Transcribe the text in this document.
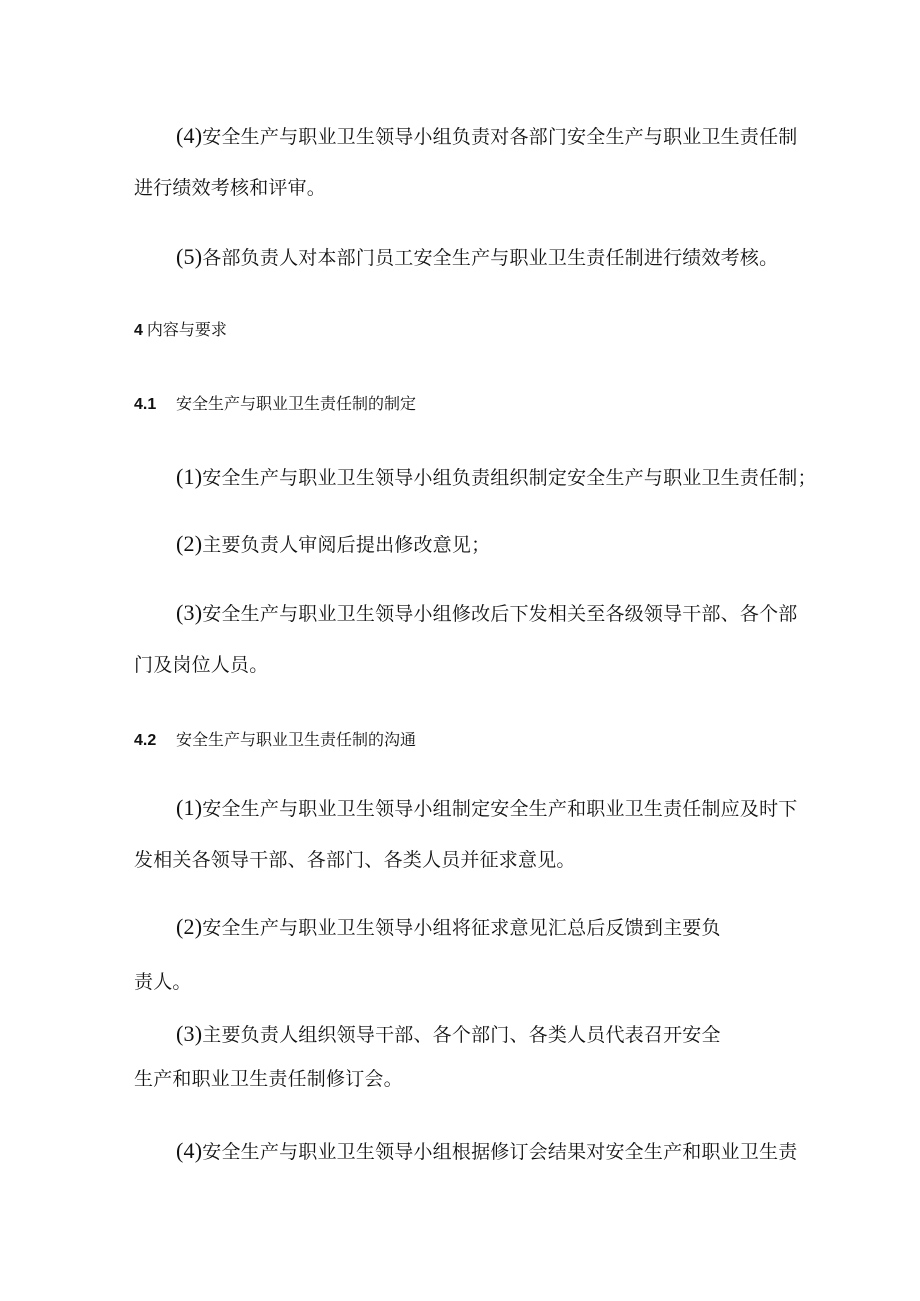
(4)安全生产与职业卫生领导小组负责对各部门安全生产与职业卫生责任制
进行绩效考核和评审。
(5)各部负责人对本部门员工安全生产与职业卫生责任制进行绩效考核。
4 内容与要求
4.1 安全生产与职业卫生责任制的制定
(1)安全生产与职业卫生领导小组负责组织制定安全生产与职业卫生责任制；
(2)主要负责人审阅后提出修改意见；
(3)安全生产与职业卫生领导小组修改后下发相关至各级领导干部、各个部
门及岗位人员。
4.2 安全生产与职业卫生责任制的沟通
(1)安全生产与职业卫生领导小组制定安全生产和职业卫生责任制应及时下
发相关各领导干部、各部门、各类人员并征求意见。
(2)安全生产与职业卫生领导小组将征求意见汇总后反馈到主要负
责人。
(3)主要负责人组织领导干部、各个部门、各类人员代表召开安全
生产和职业卫生责任制修订会。
(4)安全生产与职业卫生领导小组根据修订会结果对安全生产和职业卫生责
